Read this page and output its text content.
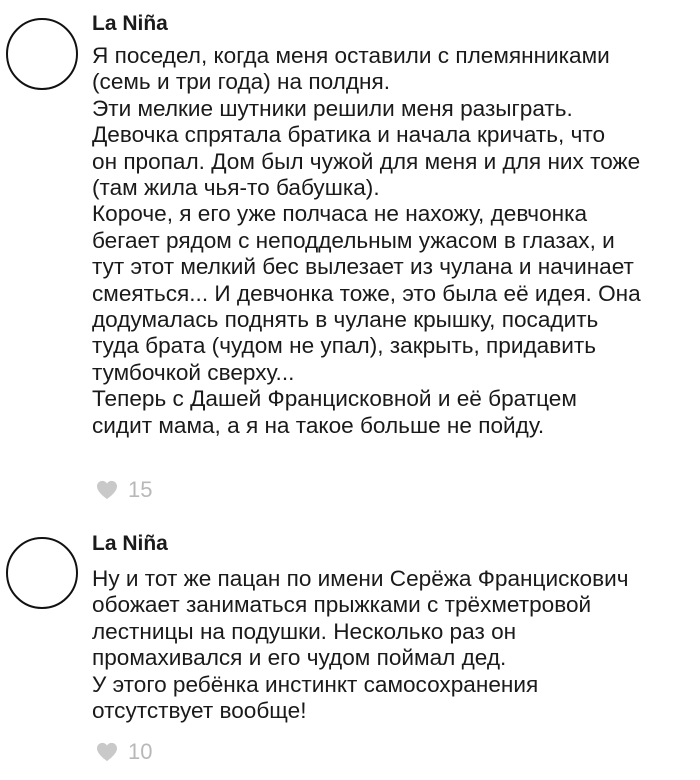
La Niña
Я поседел, когда меня оставили с племянниками
(семь и три года) на полдня.
Эти мелкие шутники решили меня разыграть.
Девочка спрятала братика и начала кричать, что
он пропал. Дом был чужой для меня и для них тоже
(там жила чья-то бабушка).
Короче, я его уже полчаса не нахожу, девчонка
бегает рядом с неподдельным ужасом в глазах, и
тут этот мелкий бес вылезает из чулана и начинает
смеяться... И девчонка тоже, это была её идея. Она
додумалась поднять в чулане крышку, посадить
туда брата (чудом не упал), закрыть, придавить
тумбочкой сверху...
Теперь с Дашей Францисковной и её братцем
сидит мама, а я на такое больше не пойду.
15
La Niña
Ну и тот же пацан по имени Серёжа Францискович
обожает заниматься прыжками с трёхметровой
лестницы на подушки. Несколько раз он
промахивался и его чудом поймал дед.
У этого ребёнка инстинкт самосохранения
отсутствует вообще!
10
